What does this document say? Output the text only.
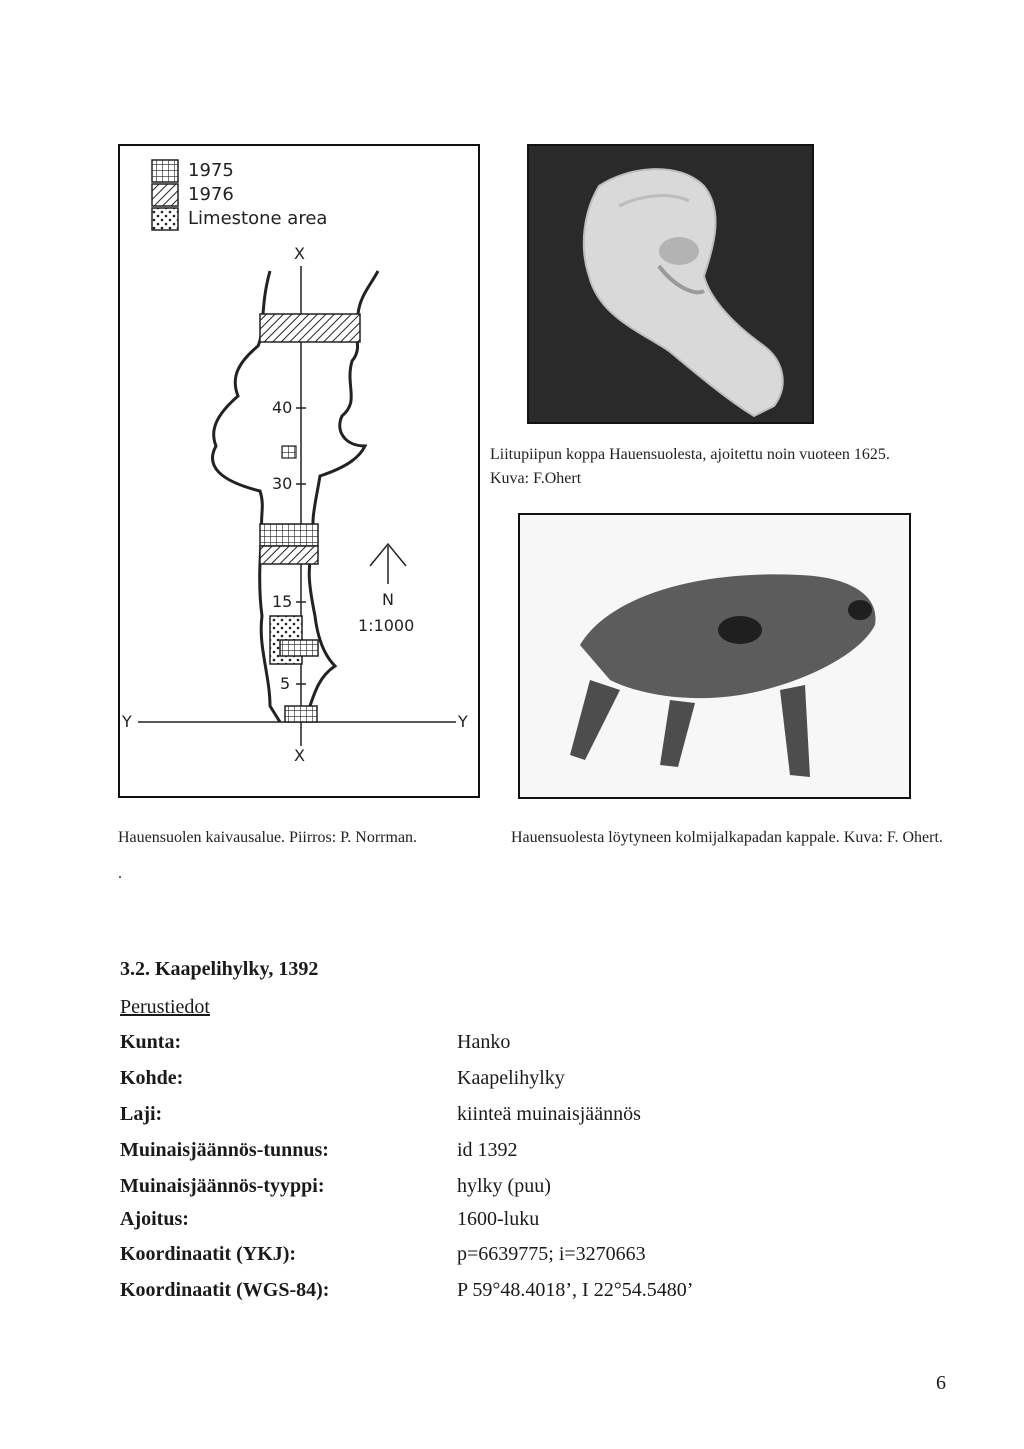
1975
1976
Limestone area
X
X
Y	Y
40
30
15
5
N
1:1000
Liitupiipun koppa Hauensuolesta, ajoitettu noin vuoteen 1625.
Kuva: F.Ohert
Hauensuolen kaivausalue. Piirros: P. Norrman.
.
Hauensuolesta löytyneen kolmijalkapadan kappale. Kuva: F. Ohert.
3.2. Kaapelihylky, 1392
Perustiedot
Kunta:	Hanko
Kohde:	Kaapelihylky
Laji:	kiinteä muinaisjäännös
Muinaisjäännös-tunnus:	id 1392
Muinaisjäännös-tyyppi:	hylky (puu)
Ajoitus:	1600-luku
Koordinaatit (YKJ):	p=6639775; i=3270663
Koordinaatit (WGS-84):	P 59°48.4018’, I 22°54.5480’
6
